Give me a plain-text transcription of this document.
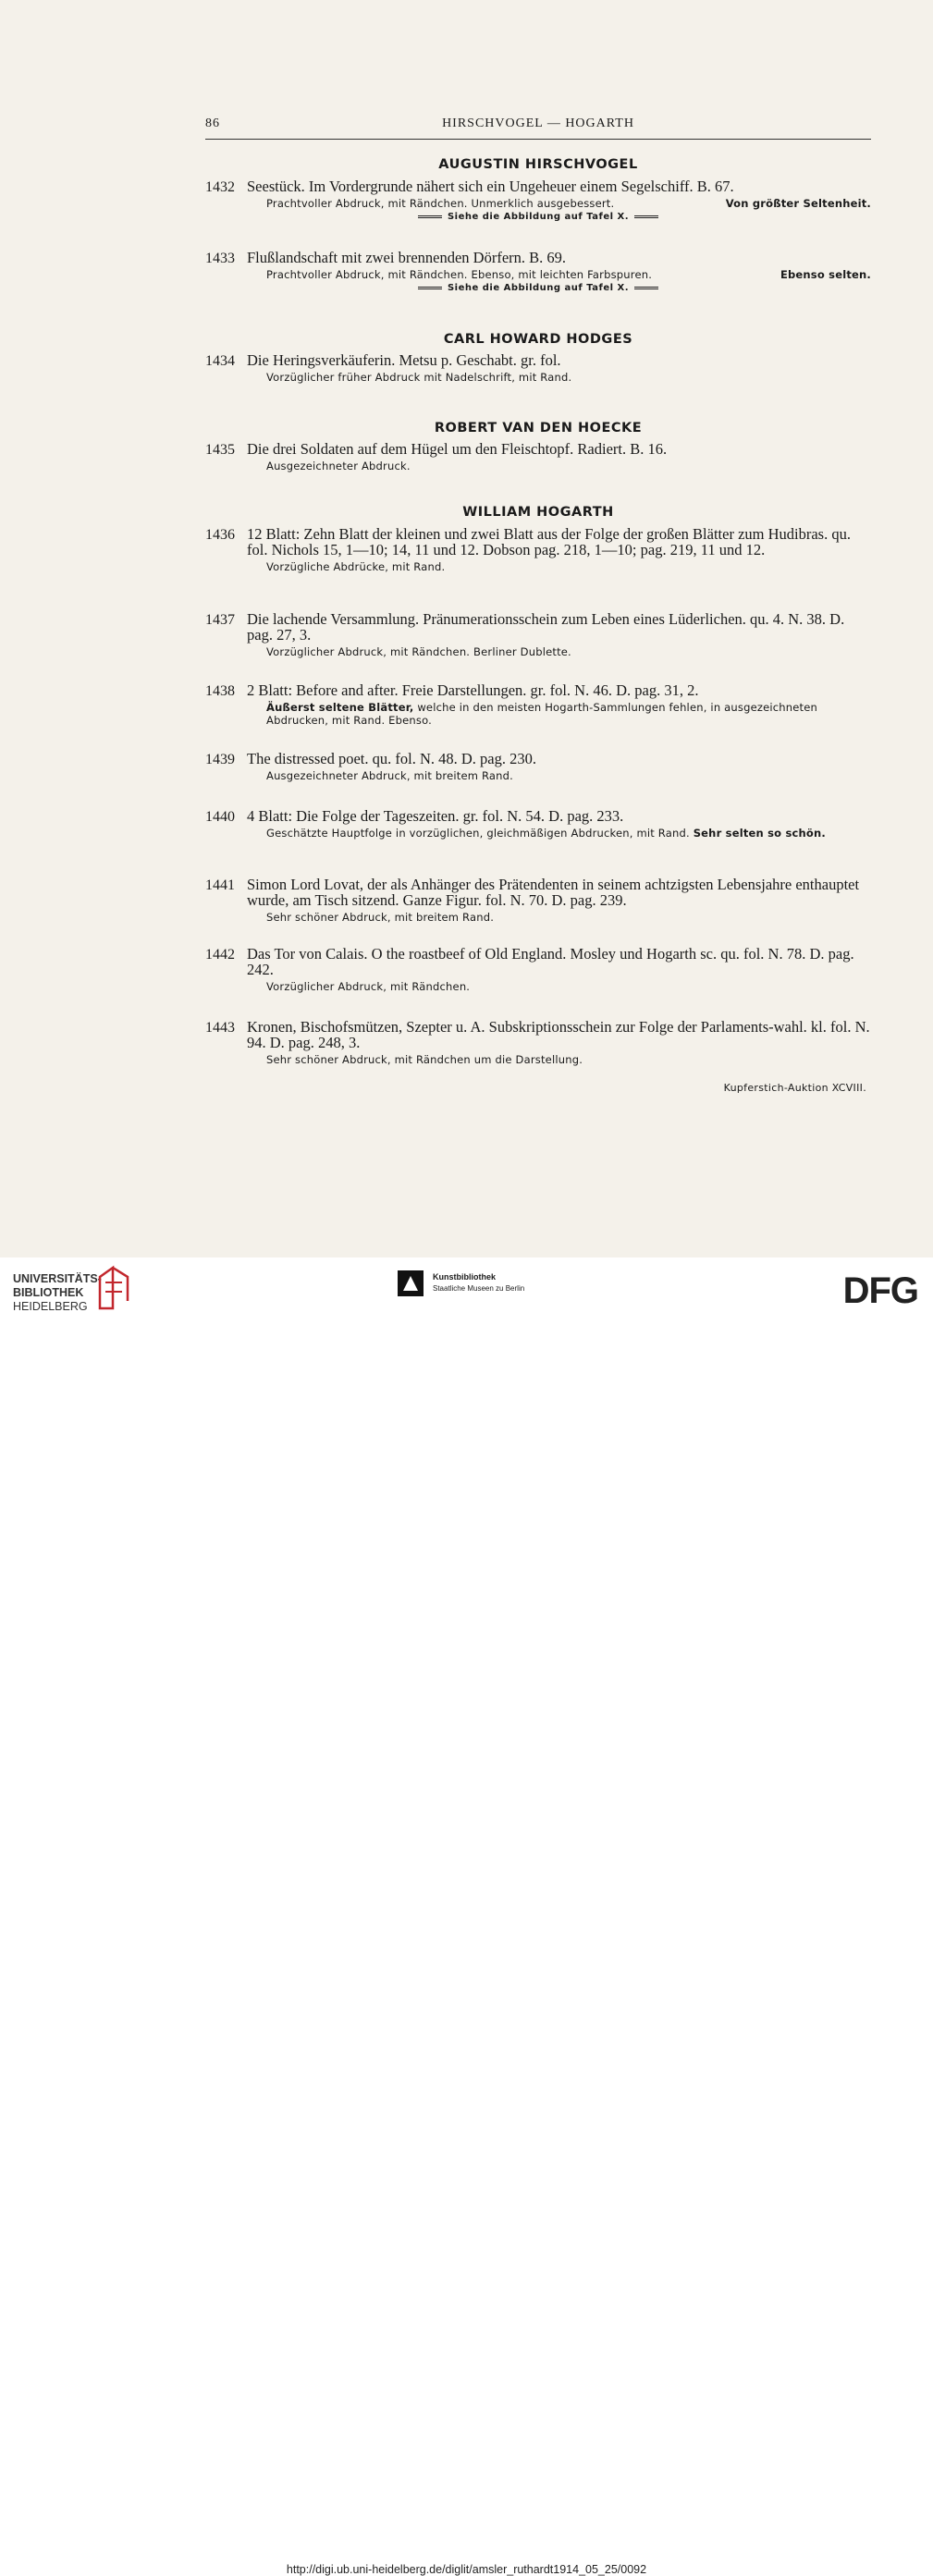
86	HIRSCHVOGEL — HOGARTH
AUGUSTIN HIRSCHVOGEL
1432 Seestück. Im Vordergrunde nähert sich ein Ungeheuer einem Segelschiff. B. 67.
Prachtvoller Abdruck, mit Rändchen. Unmerklich ausgebessert.	Von größter Seltenheit.
Siehe die Abbildung auf Tafel X.
1433 Flußlandschaft mit zwei brennenden Dörfern. B. 69.
Prachtvoller Abdruck, mit Rändchen. Ebenso, mit leichten Farbspuren.	Ebenso selten.
Siehe die Abbildung auf Tafel X.
CARL HOWARD HODGES
1434 Die Heringsverkäuferin. Metsu p. Geschabt. gr. fol.
Vorzüglicher früher Abdruck mit Nadelschrift, mit Rand.
ROBERT VAN DEN HOECKE
1435 Die drei Soldaten auf dem Hügel um den Fleischtopf. Radiert. B. 16.
Ausgezeichneter Abdruck.
WILLIAM HOGARTH
1436 12 Blatt: Zehn Blatt der kleinen und zwei Blatt aus der Folge der großen Blätter zum Hudibras. qu. fol. Nichols 15, 1—10; 14, 11 und 12. Dobson pag. 218, 1—10; pag. 219, 11 und 12.
Vorzügliche Abdrücke, mit Rand.
1437 Die lachende Versammlung. Pränumerationsschein zum Leben eines Lüderlichen. qu. 4. N. 38. D. pag. 27, 3.
Vorzüglicher Abdruck, mit Rändchen. Berliner Dublette.
1438 2 Blatt: Before and after. Freie Darstellungen. gr. fol. N. 46. D. pag. 31, 2.
Äußerst seltene Blätter, welche in den meisten Hogarth-Sammlungen fehlen, in ausgezeichneten Abdrucken, mit Rand. Ebenso.
1439 The distressed poet. qu. fol. N. 48. D. pag. 230.
Ausgezeichneter Abdruck, mit breitem Rand.
1440 4 Blatt: Die Folge der Tageszeiten. gr. fol. N. 54. D. pag. 233.
Geschätzte Hauptfolge in vorzüglichen, gleichmäßigen Abdrucken, mit Rand. Sehr selten so schön.
1441 Simon Lord Lovat, der als Anhänger des Prätendenten in seinem achtzigsten Lebensjahre enthauptet wurde, am Tisch sitzend. Ganze Figur. fol. N. 70. D. pag. 239.
Sehr schöner Abdruck, mit breitem Rand.
1442 Das Tor von Calais. O the roastbeef of Old England. Mosley und Hogarth sc. qu. fol. N. 78. D. pag. 242.
Vorzüglicher Abdruck, mit Rändchen.
1443 Kronen, Bischofsmützen, Szepter u. A. Subskriptionsschein zur Folge der Parlaments-wahl. kl. fol. N. 94. D. pag. 248, 3.
Sehr schöner Abdruck, mit Rändchen um die Darstellung.
Kupferstich-Auktion XCVIII.
UNIVERSITÄTS-
BIBLIOTHEK
HEIDELBERG
Kunstbibliothek
Staatliche Museen zu Berlin	DFG
http://digi.ub.uni-heidelberg.de/diglit/amsler_ruthardt1914_05_25/0092
